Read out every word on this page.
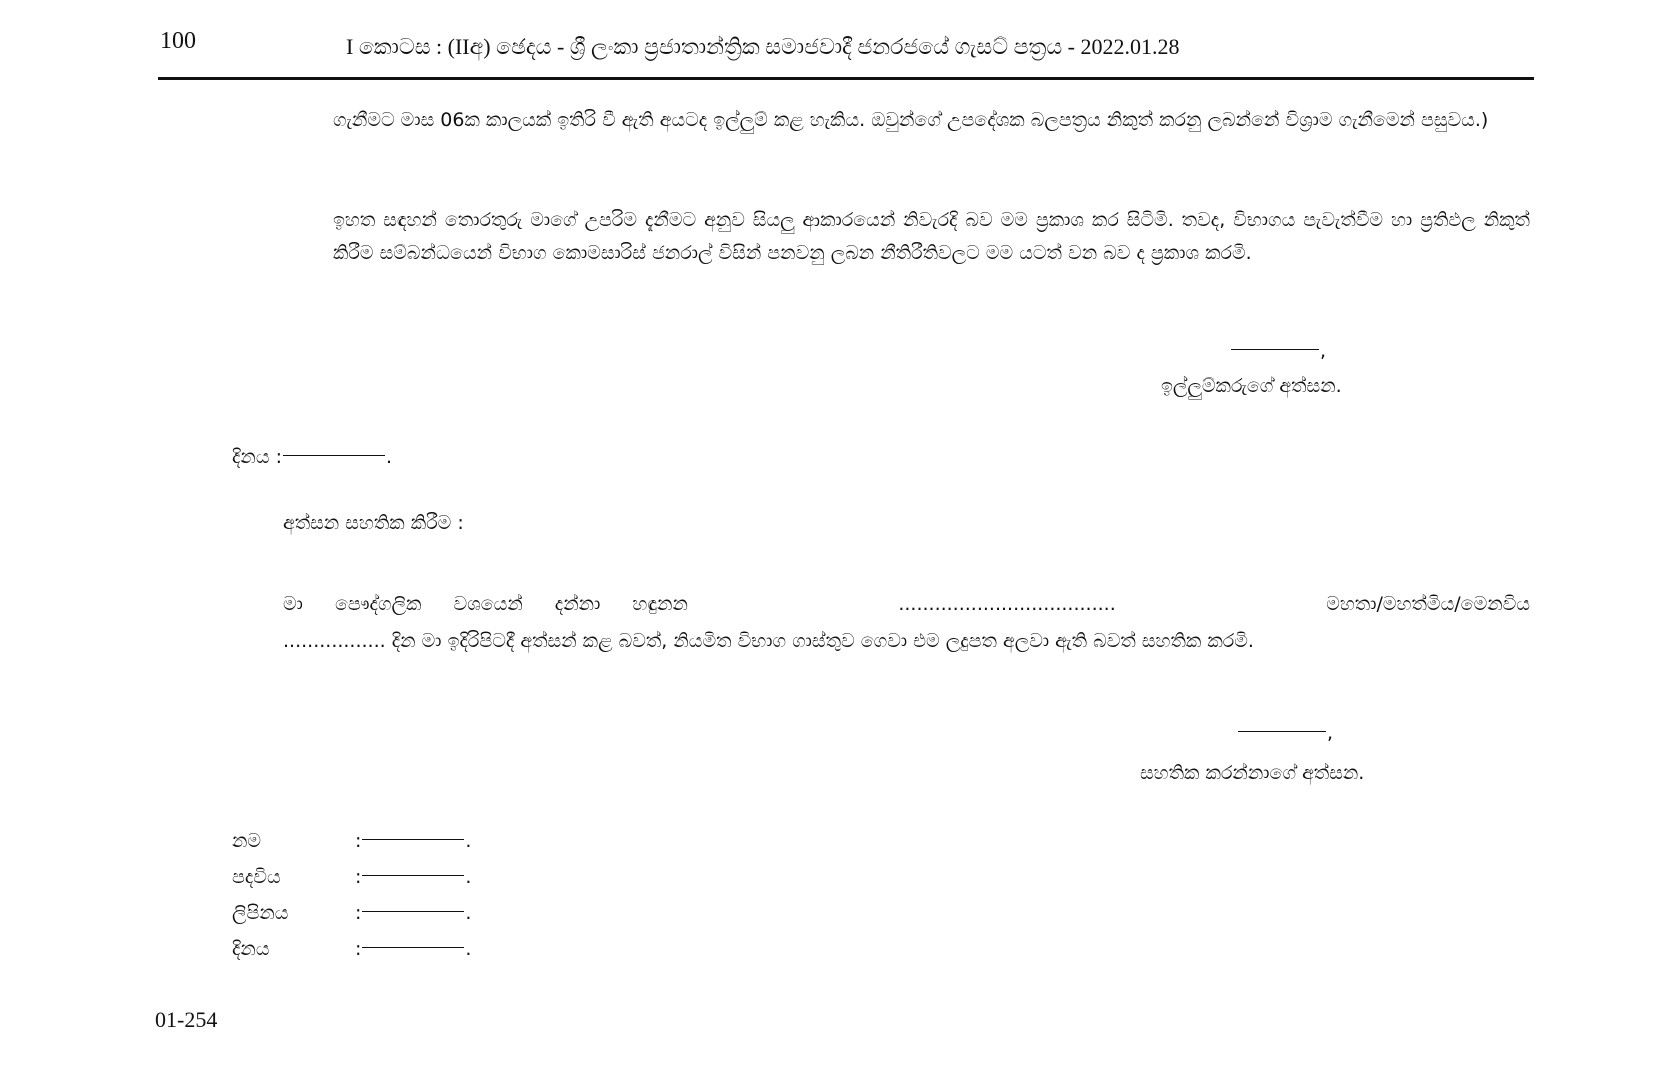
100	I කොටස : (IIඅ) ඡෙදය - ශ්‍රී ලංකා ප්‍රජාතාන්ත්‍රික සමාජවාදී ජනරජයේ ගැසට් පත්‍රය - 2022.01.28
ගැනීමට මාස 06ක කාලයක් ඉතිරි වී ඇති අයටද ඉල්ලුම් කළ හැකිය. ඔවුන්ගේ උපදේශක බලපත්‍රය නිකුත් කරනු ලබන්නේ විශ්‍රාම ගැනීමෙන් පසුවය.)
ඉහත සඳහන් තොරතුරු මාගේ උපරිම දැනීමට අනුව සියලු ආකාරයෙන් නිවැරදි බව මම ප්‍රකාශ කර සිටිමි. තවද, විභාගය පැවැත්වීම හා ප්‍රතිඵල නිකුත් කිරීම සම්බන්ධයෙන් විභාග කොමසාරිස් ජනරාල් විසින් පනවනු ලබන නීතිරීතිවලට මම යටත් වන බව ද ප්‍රකාශ කරමි.
,
ඉල්ලුම්කරුගේ අත්සන.
දිනය :	.
අත්සන සහතික කිරීම :
මා පෞද්ගලික වශයෙන් දන්නා හඳුනන	....................................	මහතා/මහත්මිය/මෙනවිය
................. දින මා ඉදිරිපිටදී අත්සන් කළ බවත්, නියමිත විභාග ගාස්තුව ගෙවා එම ලදුපත අලවා ඇති බවත් සහතික කරමි.
,
සහතික කරන්නාගේ අත්සන.
නම	:	.
පදවිය	:	.
ලිපිනය	:	.
දිනය	:	.
01-254
